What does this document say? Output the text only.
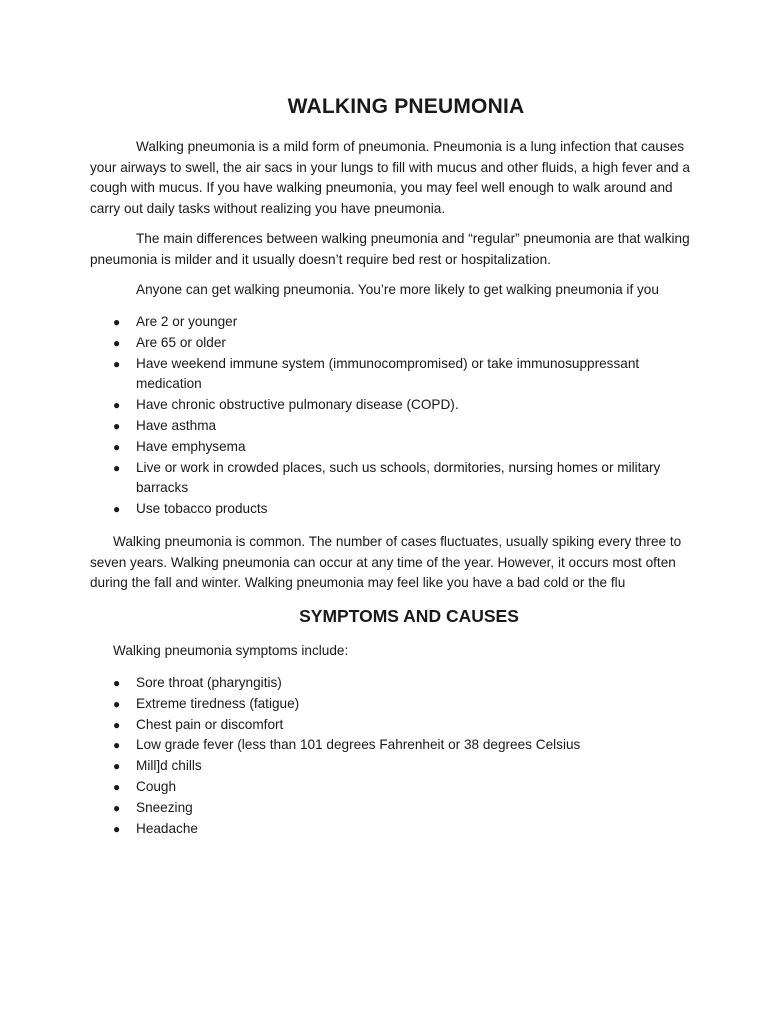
WALKING PNEUMONIA

Walking pneumonia is a mild form of pneumonia. Pneumonia is a lung infection that causes your airways to swell, the air sacs in your lungs to fill with mucus and other fluids, a high fever and a cough with mucus. If you have walking pneumonia, you may feel well enough to walk around and carry out daily tasks without realizing you have pneumonia.

The main differences between walking pneumonia and “regular” pneumonia are that walking pneumonia is milder and it usually doesn’t require bed rest or hospitalization.

Anyone can get walking pneumonia. You’re more likely to get walking pneumonia if you

● Are 2 or younger
● Are 65 or older
● Have weekend immune system (immunocompromised) or take immunosuppressant medication
● Have chronic obstructive pulmonary disease (COPD).
● Have asthma
● Have emphysema
● Live or work in crowded places, such us schools, dormitories, nursing homes or military barracks
● Use tobacco products

Walking pneumonia is common. The number of cases fluctuates, usually spiking every three to seven years. Walking pneumonia can occur at any time of the year. However, it occurs most often during the fall and winter. Walking pneumonia may feel like you have a bad cold or the flu

SYMPTOMS AND CAUSES

Walking pneumonia symptoms include:

● Sore throat (pharyngitis)
● Extreme tiredness (fatigue)
● Chest pain or discomfort
● Low grade fever (less than 101 degrees Fahrenheit or 38 degrees Celsius
● Mill]d chills
● Cough
● Sneezing
● Headache
